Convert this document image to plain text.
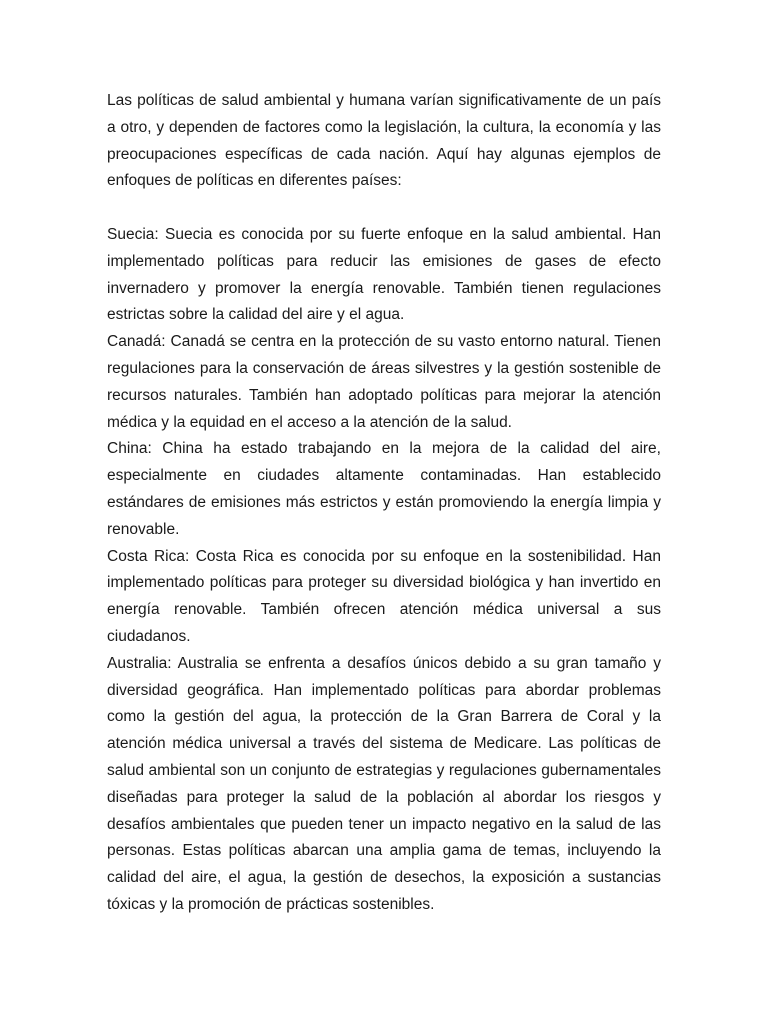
Las políticas de salud ambiental y humana varían significativamente de un país a otro, y dependen de factores como la legislación, la cultura, la economía y las preocupaciones específicas de cada nación. Aquí hay algunas ejemplos de enfoques de políticas en diferentes países:

Suecia: Suecia es conocida por su fuerte enfoque en la salud ambiental. Han implementado políticas para reducir las emisiones de gases de efecto invernadero y promover la energía renovable. También tienen regulaciones estrictas sobre la calidad del aire y el agua.

Canadá: Canadá se centra en la protección de su vasto entorno natural. Tienen regulaciones para la conservación de áreas silvestres y la gestión sostenible de recursos naturales. También han adoptado políticas para mejorar la atención médica y la equidad en el acceso a la atención de la salud.

China: China ha estado trabajando en la mejora de la calidad del aire, especialmente en ciudades altamente contaminadas. Han establecido estándares de emisiones más estrictos y están promoviendo la energía limpia y renovable.

Costa Rica: Costa Rica es conocida por su enfoque en la sostenibilidad. Han implementado políticas para proteger su diversidad biológica y han invertido en energía renovable. También ofrecen atención médica universal a sus ciudadanos.

Australia: Australia se enfrenta a desafíos únicos debido a su gran tamaño y diversidad geográfica. Han implementado políticas para abordar problemas como la gestión del agua, la protección de la Gran Barrera de Coral y la atención médica universal a través del sistema de Medicare. Las políticas de salud ambiental son un conjunto de estrategias y regulaciones gubernamentales diseñadas para proteger la salud de la población al abordar los riesgos y desafíos ambientales que pueden tener un impacto negativo en la salud de las personas. Estas políticas abarcan una amplia gama de temas, incluyendo la calidad del aire, el agua, la gestión de desechos, la exposición a sustancias tóxicas y la promoción de prácticas sostenibles.
